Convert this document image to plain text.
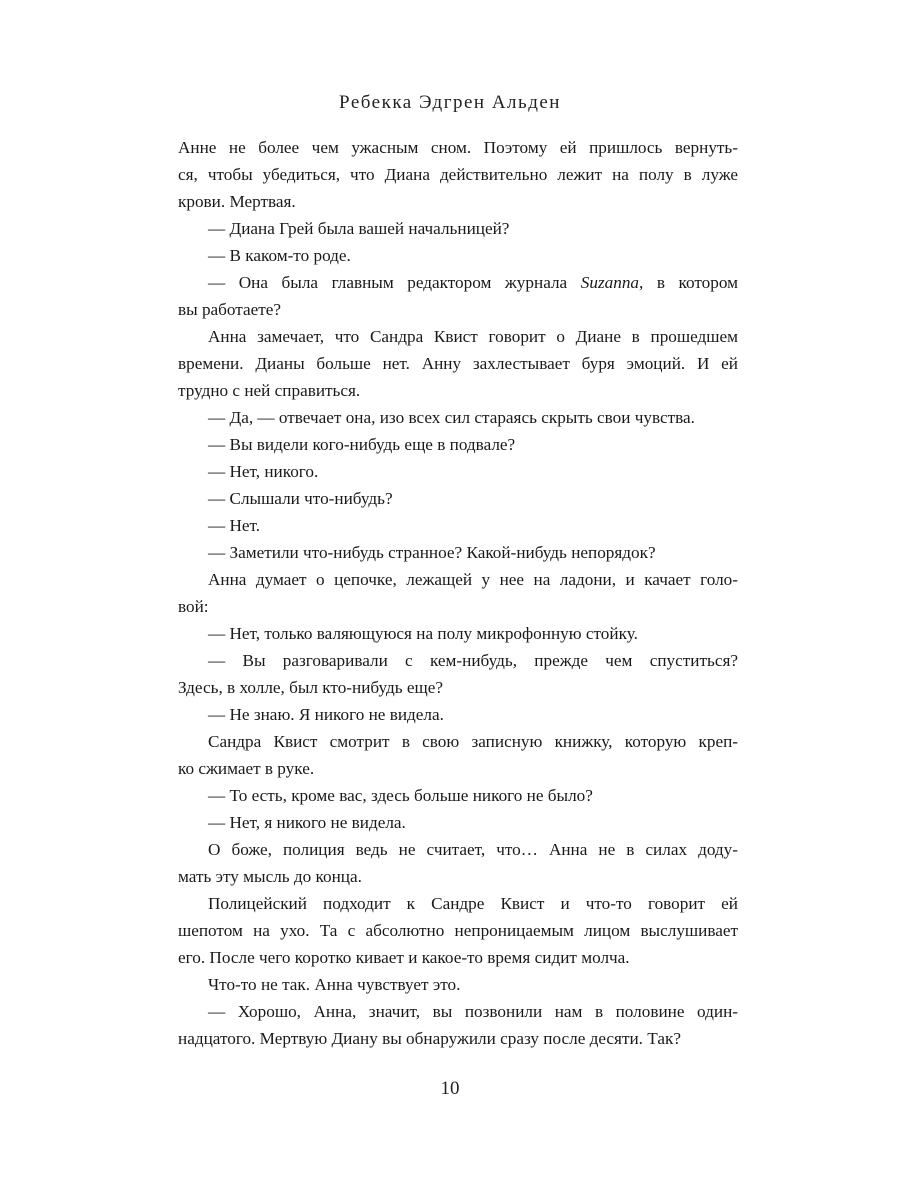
Ребекка Эдгрен Альден
Анне не более чем ужасным сном. Поэтому ей пришлось вернуть-
ся, чтобы убедиться, что Диана действительно лежит на полу в луже
крови. Мертвая.
— Диана Грей была вашей начальницей?
— В каком-то роде.
— Она была главным редактором журнала Suzanna, в котором
вы работаете?
Анна замечает, что Сандра Квист говорит о Диане в прошедшем
времени. Дианы больше нет. Анну захлестывает буря эмоций. И ей
трудно с ней справиться.
— Да, — отвечает она, изо всех сил стараясь скрыть свои чувства.
— Вы видели кого-нибудь еще в подвале?
— Нет, никого.
— Слышали что-нибудь?
— Нет.
— Заметили что-нибудь странное? Какой-нибудь непорядок?
Анна думает о цепочке, лежащей у нее на ладони, и качает голо-
вой:
— Нет, только валяющуюся на полу микрофонную стойку.
— Вы разговаривали с кем-нибудь, прежде чем спуститься?
Здесь, в холле, был кто-нибудь еще?
— Не знаю. Я никого не видела.
Сандра Квист смотрит в свою записную книжку, которую креп-
ко сжимает в руке.
— То есть, кроме вас, здесь больше никого не было?
— Нет, я никого не видела.
О боже, полиция ведь не считает, что… Анна не в силах доду-
мать эту мысль до конца.
Полицейский подходит к Сандре Квист и что-то говорит ей
шепотом на ухо. Та с абсолютно непроницаемым лицом выслушивает
его. После чего коротко кивает и какое-то время сидит молча.
Что-то не так. Анна чувствует это.
— Хорошо, Анна, значит, вы позвонили нам в половине один-
надцатого. Мертвую Диану вы обнаружили сразу после десяти. Так?
10
